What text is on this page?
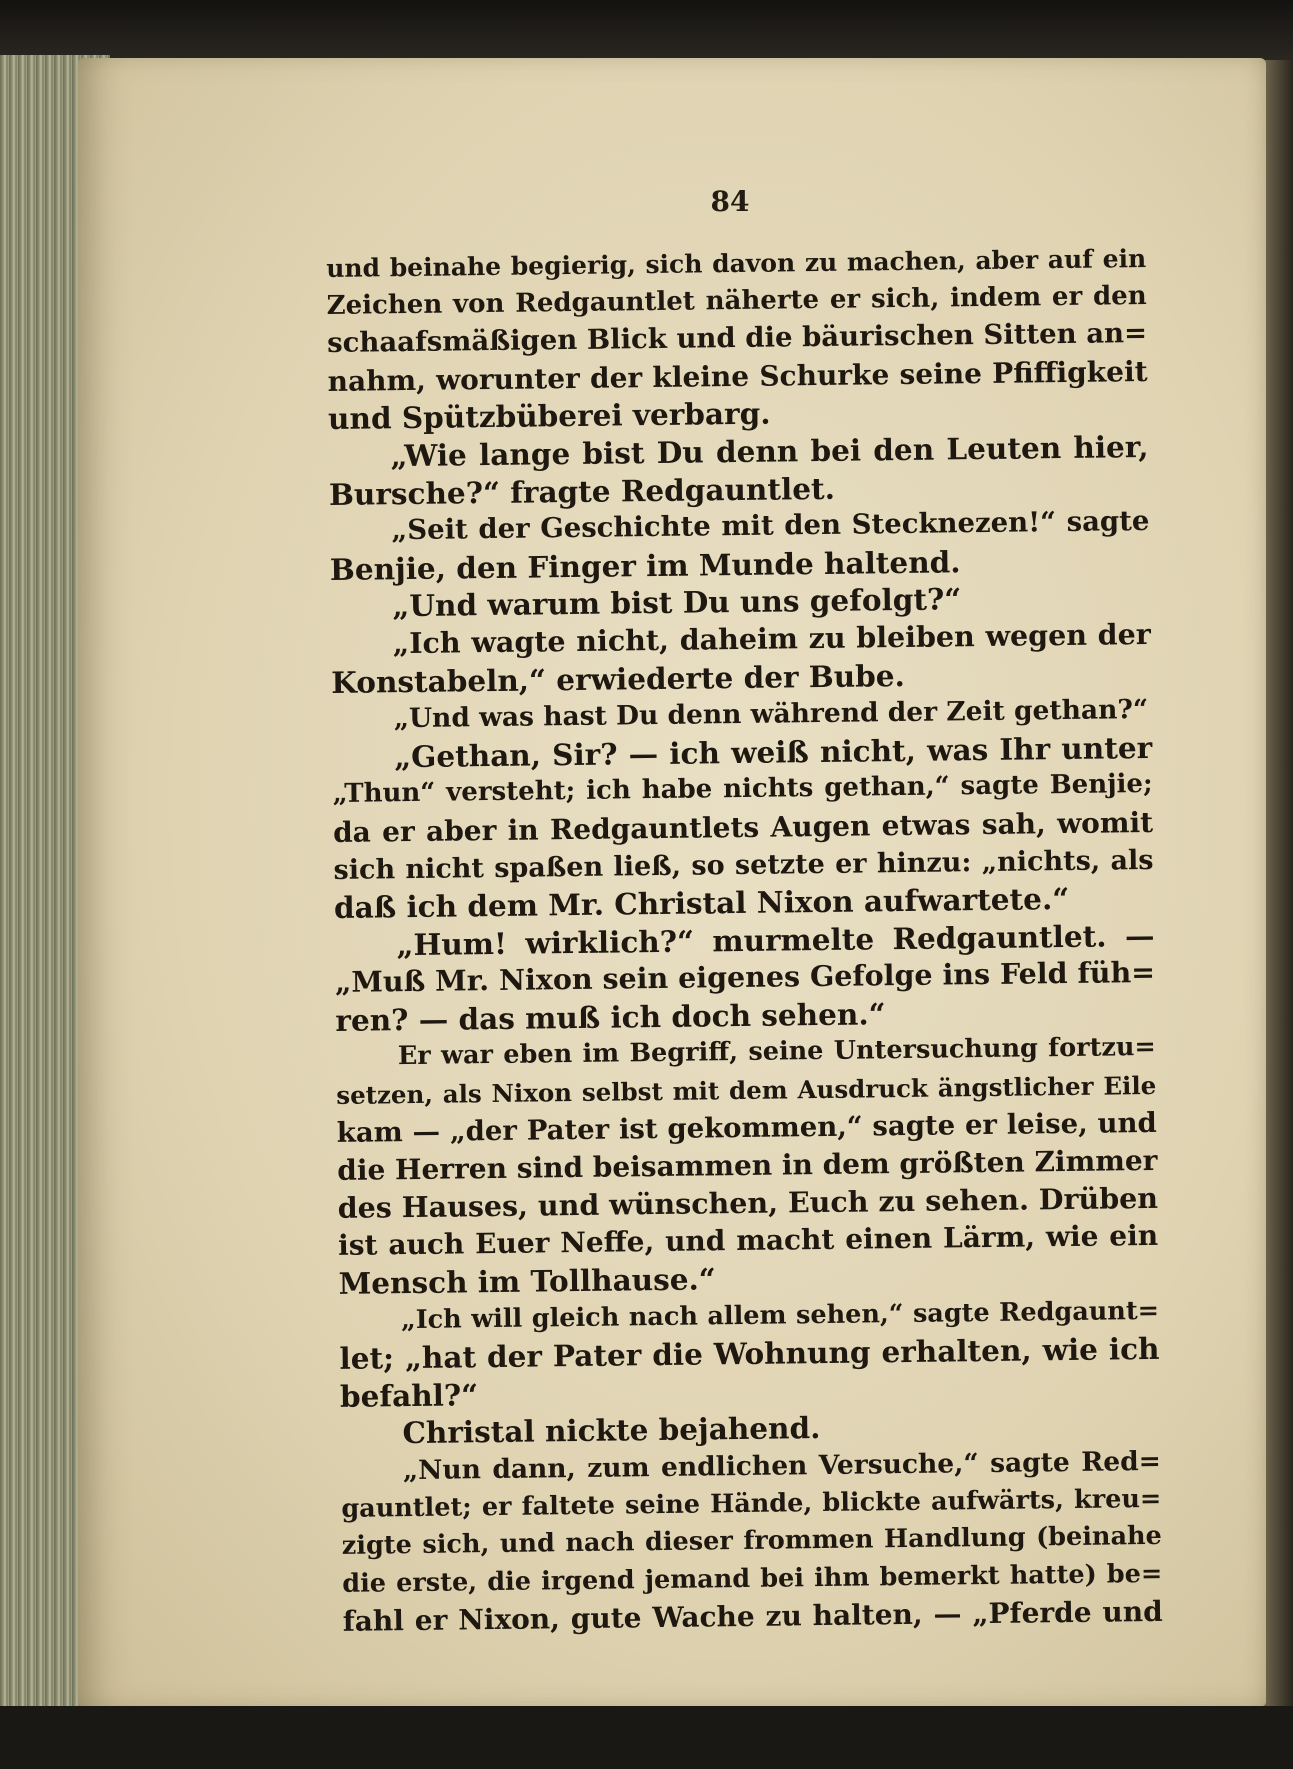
84
und beinahe begierig, sich davon zu machen, aber auf ein
Zeichen von Redgauntlet näherte er sich, indem er den
schaafsmäßigen Blick und die bäurischen Sitten an=
nahm, worunter der kleine Schurke seine Pfiffigkeit
und Spützbüberei verbarg.
„Wie lange bist Du denn bei den Leuten hier,
Bursche?“ fragte Redgauntlet.
„Seit der Geschichte mit den Stecknezen!“ sagte
Benjie, den Finger im Munde haltend.
„Und warum bist Du uns gefolgt?“
„Ich wagte nicht, daheim zu bleiben wegen der
Konstabeln,“ erwiederte der Bube.
„Und was hast Du denn während der Zeit gethan?“
„Gethan, Sir? — ich weiß nicht, was Ihr unter
„Thun“ versteht; ich habe nichts gethan,“ sagte Benjie;
da er aber in Redgauntlets Augen etwas sah, womit
sich nicht spaßen ließ, so setzte er hinzu: „nichts, als
daß ich dem Mr. Christal Nixon aufwartete.“
„Hum! wirklich?“ murmelte Redgauntlet. —
„Muß Mr. Nixon sein eigenes Gefolge ins Feld füh=
ren? — das muß ich doch sehen.“
Er war eben im Begriff, seine Untersuchung fortzu=
setzen, als Nixon selbst mit dem Ausdruck ängstlicher Eile
kam — „der Pater ist gekommen,“ sagte er leise, und
die Herren sind beisammen in dem größten Zimmer
des Hauses, und wünschen, Euch zu sehen. Drüben
ist auch Euer Neffe, und macht einen Lärm, wie ein
Mensch im Tollhause.“
„Ich will gleich nach allem sehen,“ sagte Redgaunt=
let; „hat der Pater die Wohnung erhalten, wie ich
befahl?“
Christal nickte bejahend.
„Nun dann, zum endlichen Versuche,“ sagte Red=
gauntlet; er faltete seine Hände, blickte aufwärts, kreu=
zigte sich, und nach dieser frommen Handlung (beinahe
die erste, die irgend jemand bei ihm bemerkt hatte) be=
fahl er Nixon, gute Wache zu halten, — „Pferde und
